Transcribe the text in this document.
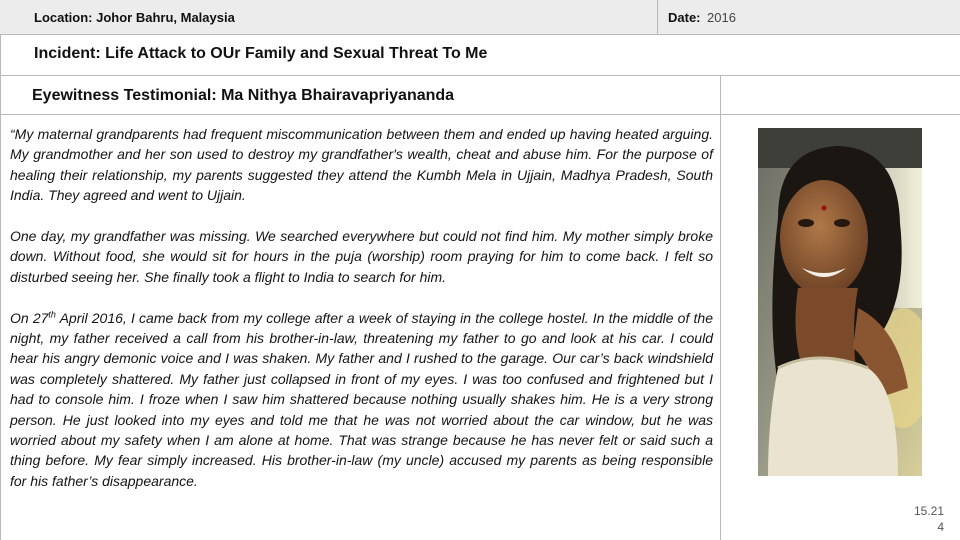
Location: Johor Bahru, Malaysia	Date: 2016
Incident: Life Attack to OUr Family and Sexual Threat To Me
Eyewitness Testimonial: Ma Nithya Bhairavapriyananda

“My maternal grandparents had frequent miscommunication between them and ended up having heated arguing. My grandmother and her son used to destroy my grandfather's wealth, cheat and abuse him. For the purpose of healing their relationship, my parents suggested they attend the Kumbh Mela in Ujjain, Madhya Pradesh, South India. They agreed and went to Ujjain.

One day, my grandfather was missing. We searched everywhere but could not find him. My mother simply broke down. Without food, she would sit for hours in the puja (worship) room praying for him to come back. I felt so disturbed seeing her. She finally took a flight to India to search for him.

On 27th April 2016, I came back from my college after a week of staying in the college hostel. In the middle of the night, my father received a call from his brother-in-law, threatening my father to go and look at his car. I could hear his angry demonic voice and I was shaken. My father and I rushed to the garage. Our car’s back windshield was completely shattered. My father just collapsed in front of my eyes. I was too confused and frightened but I had to console him. I froze when I saw him shattered because nothing usually shakes him. He is a very strong person. He just looked into my eyes and told me that he was not worried about the car window, but he was worried about my safety when I am alone at home. That was strange because he has never felt or said such a thing before. My fear simply increased. His brother-in-law (my uncle) accused my parents as being responsible for his father’s disappearance.

15.21
4
